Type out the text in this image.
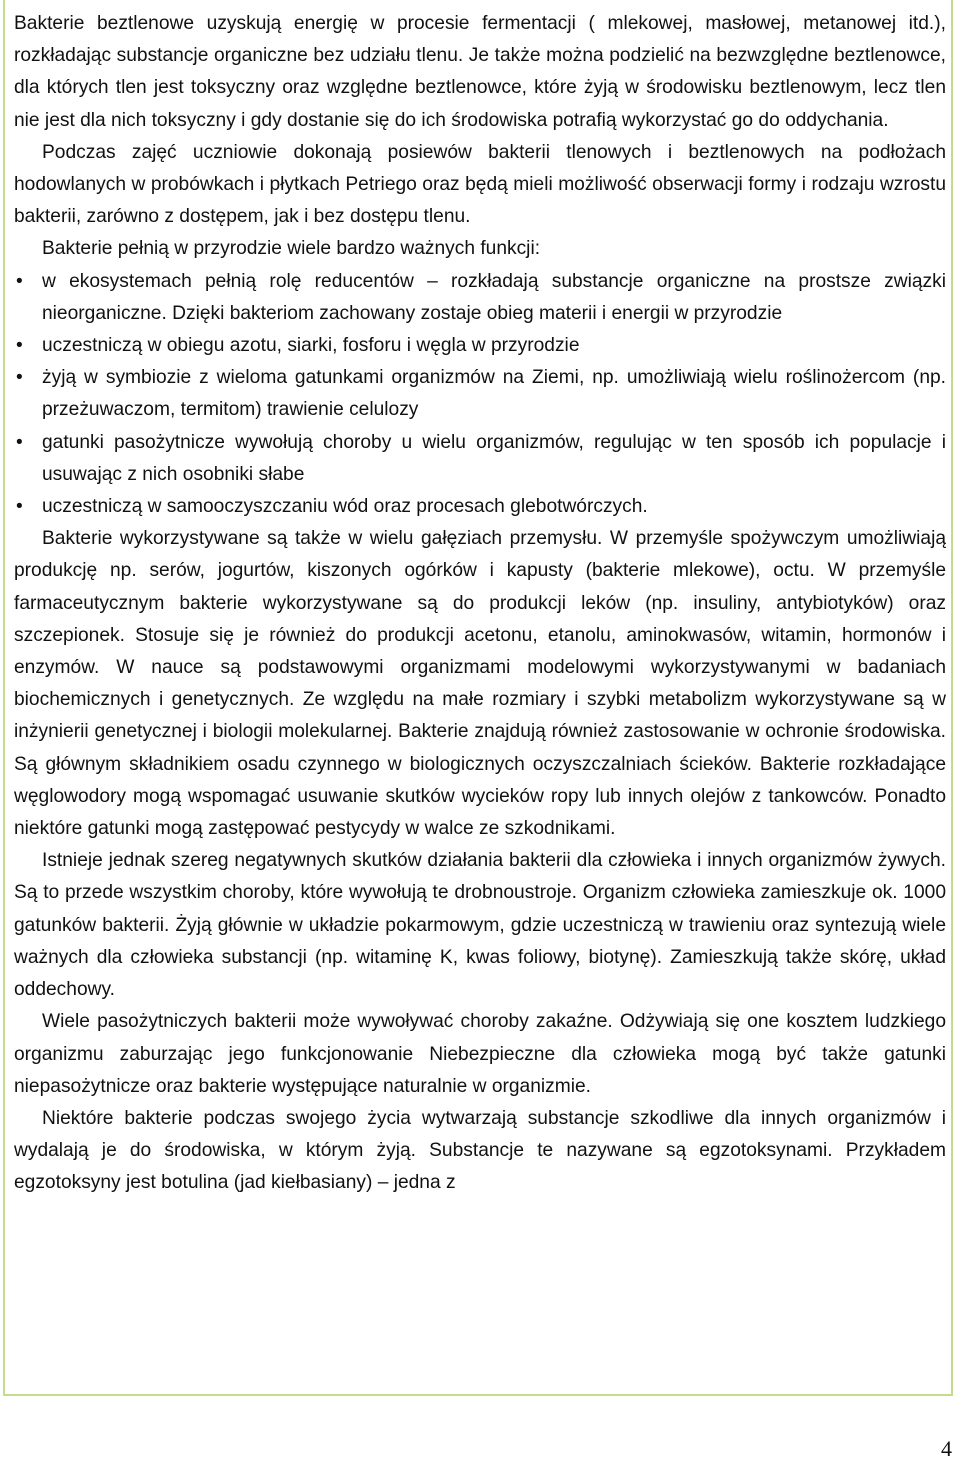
Bakterie beztlenowe uzyskują energię w procesie fermentacji ( mlekowej, masłowej, metanowej itd.), rozkładając substancje organiczne bez udziału tlenu. Je także można podzielić na bezwzględne beztlenowce, dla których tlen jest toksyczny oraz względne beztlenowce, które żyją w środowisku beztlenowym, lecz tlen nie jest dla nich toksyczny i gdy dostanie się do ich środowiska potrafią wykorzystać go do oddychania.

Podczas zajęć uczniowie dokonają posiewów bakterii tlenowych i beztlenowych na podłożach hodowlanych w probówkach i płytkach Petriego oraz będą mieli możliwość obserwacji formy i rodzaju wzrostu bakterii, zarówno z dostępem, jak i bez dostępu tlenu.

Bakterie pełnią w przyrodzie wiele bardzo ważnych funkcji:

• w ekosystemach pełnią rolę reducentów – rozkładają substancje organiczne na prostsze związki nieorganiczne. Dzięki bakteriom zachowany zostaje obieg materii i energii w przyrodzie
• uczestniczą w obiegu azotu, siarki, fosforu i węgla w przyrodzie
• żyją w symbiozie z wieloma gatunkami organizmów na Ziemi, np. umożliwiają wielu roślinożercom (np. przeżuwaczom, termitom) trawienie celulozy
• gatunki pasożytnicze wywołują choroby u wielu organizmów, regulując w ten sposób ich populacje i usuwając z nich osobniki słabe
• uczestniczą w samooczyszczaniu wód oraz procesach glebotwórczych.

Bakterie wykorzystywane są także w wielu gałęziach przemysłu. W przemyśle spożywczym umożliwiają produkcję np. serów, jogurtów, kiszonych ogórków i kapusty (bakterie mlekowe), octu. W przemyśle farmaceutycznym bakterie wykorzystywane są do produkcji leków (np. insuliny, antybiotyków) oraz szczepionek. Stosuje się je również do produkcji acetonu, etanolu, aminokwasów, witamin, hormonów i enzymów. W nauce są podstawowymi organizmami modelowymi wykorzystywanymi w badaniach biochemicznych i genetycznych. Ze względu na małe rozmiary i szybki metabolizm wykorzystywane są w inżynierii genetycznej i biologii molekularnej. Bakterie znajdują również zastosowanie w ochronie środowiska. Są głównym składnikiem osadu czynnego w biologicznych oczyszczalniach ścieków. Bakterie rozkładające węglowodory mogą wspomagać usuwanie skutków wycieków ropy lub innych olejów z tankowców. Ponadto niektóre gatunki mogą zastępować pestycydy w walce ze szkodnikami.

Istnieje jednak szereg negatywnych skutków działania bakterii dla człowieka i innych organizmów żywych. Są to przede wszystkim choroby, które wywołują te drobnoustroje. Organizm człowieka zamieszkuje ok. 1000 gatunków bakterii. Żyją głównie w układzie pokarmowym, gdzie uczestniczą w trawieniu oraz syntezują wiele ważnych dla człowieka substancji (np. witaminę K, kwas foliowy, biotynę). Zamieszkują także skórę, układ oddechowy.

Wiele pasożytniczych bakterii może wywoływać choroby zakaźne. Odżywiają się one kosztem ludzkiego organizmu zaburzając jego funkcjonowanie Niebezpieczne dla człowieka mogą być także gatunki niepasożytnicze oraz bakterie występujące naturalnie w organizmie.

Niektóre bakterie podczas swojego życia wytwarzają substancje szkodliwe dla innych organizmów i wydalają je do środowiska, w którym żyją. Substancje te nazywane są egzotoksynami. Przykładem egzotoksyny jest botulina (jad kiełbasiany) – jedna z

4
